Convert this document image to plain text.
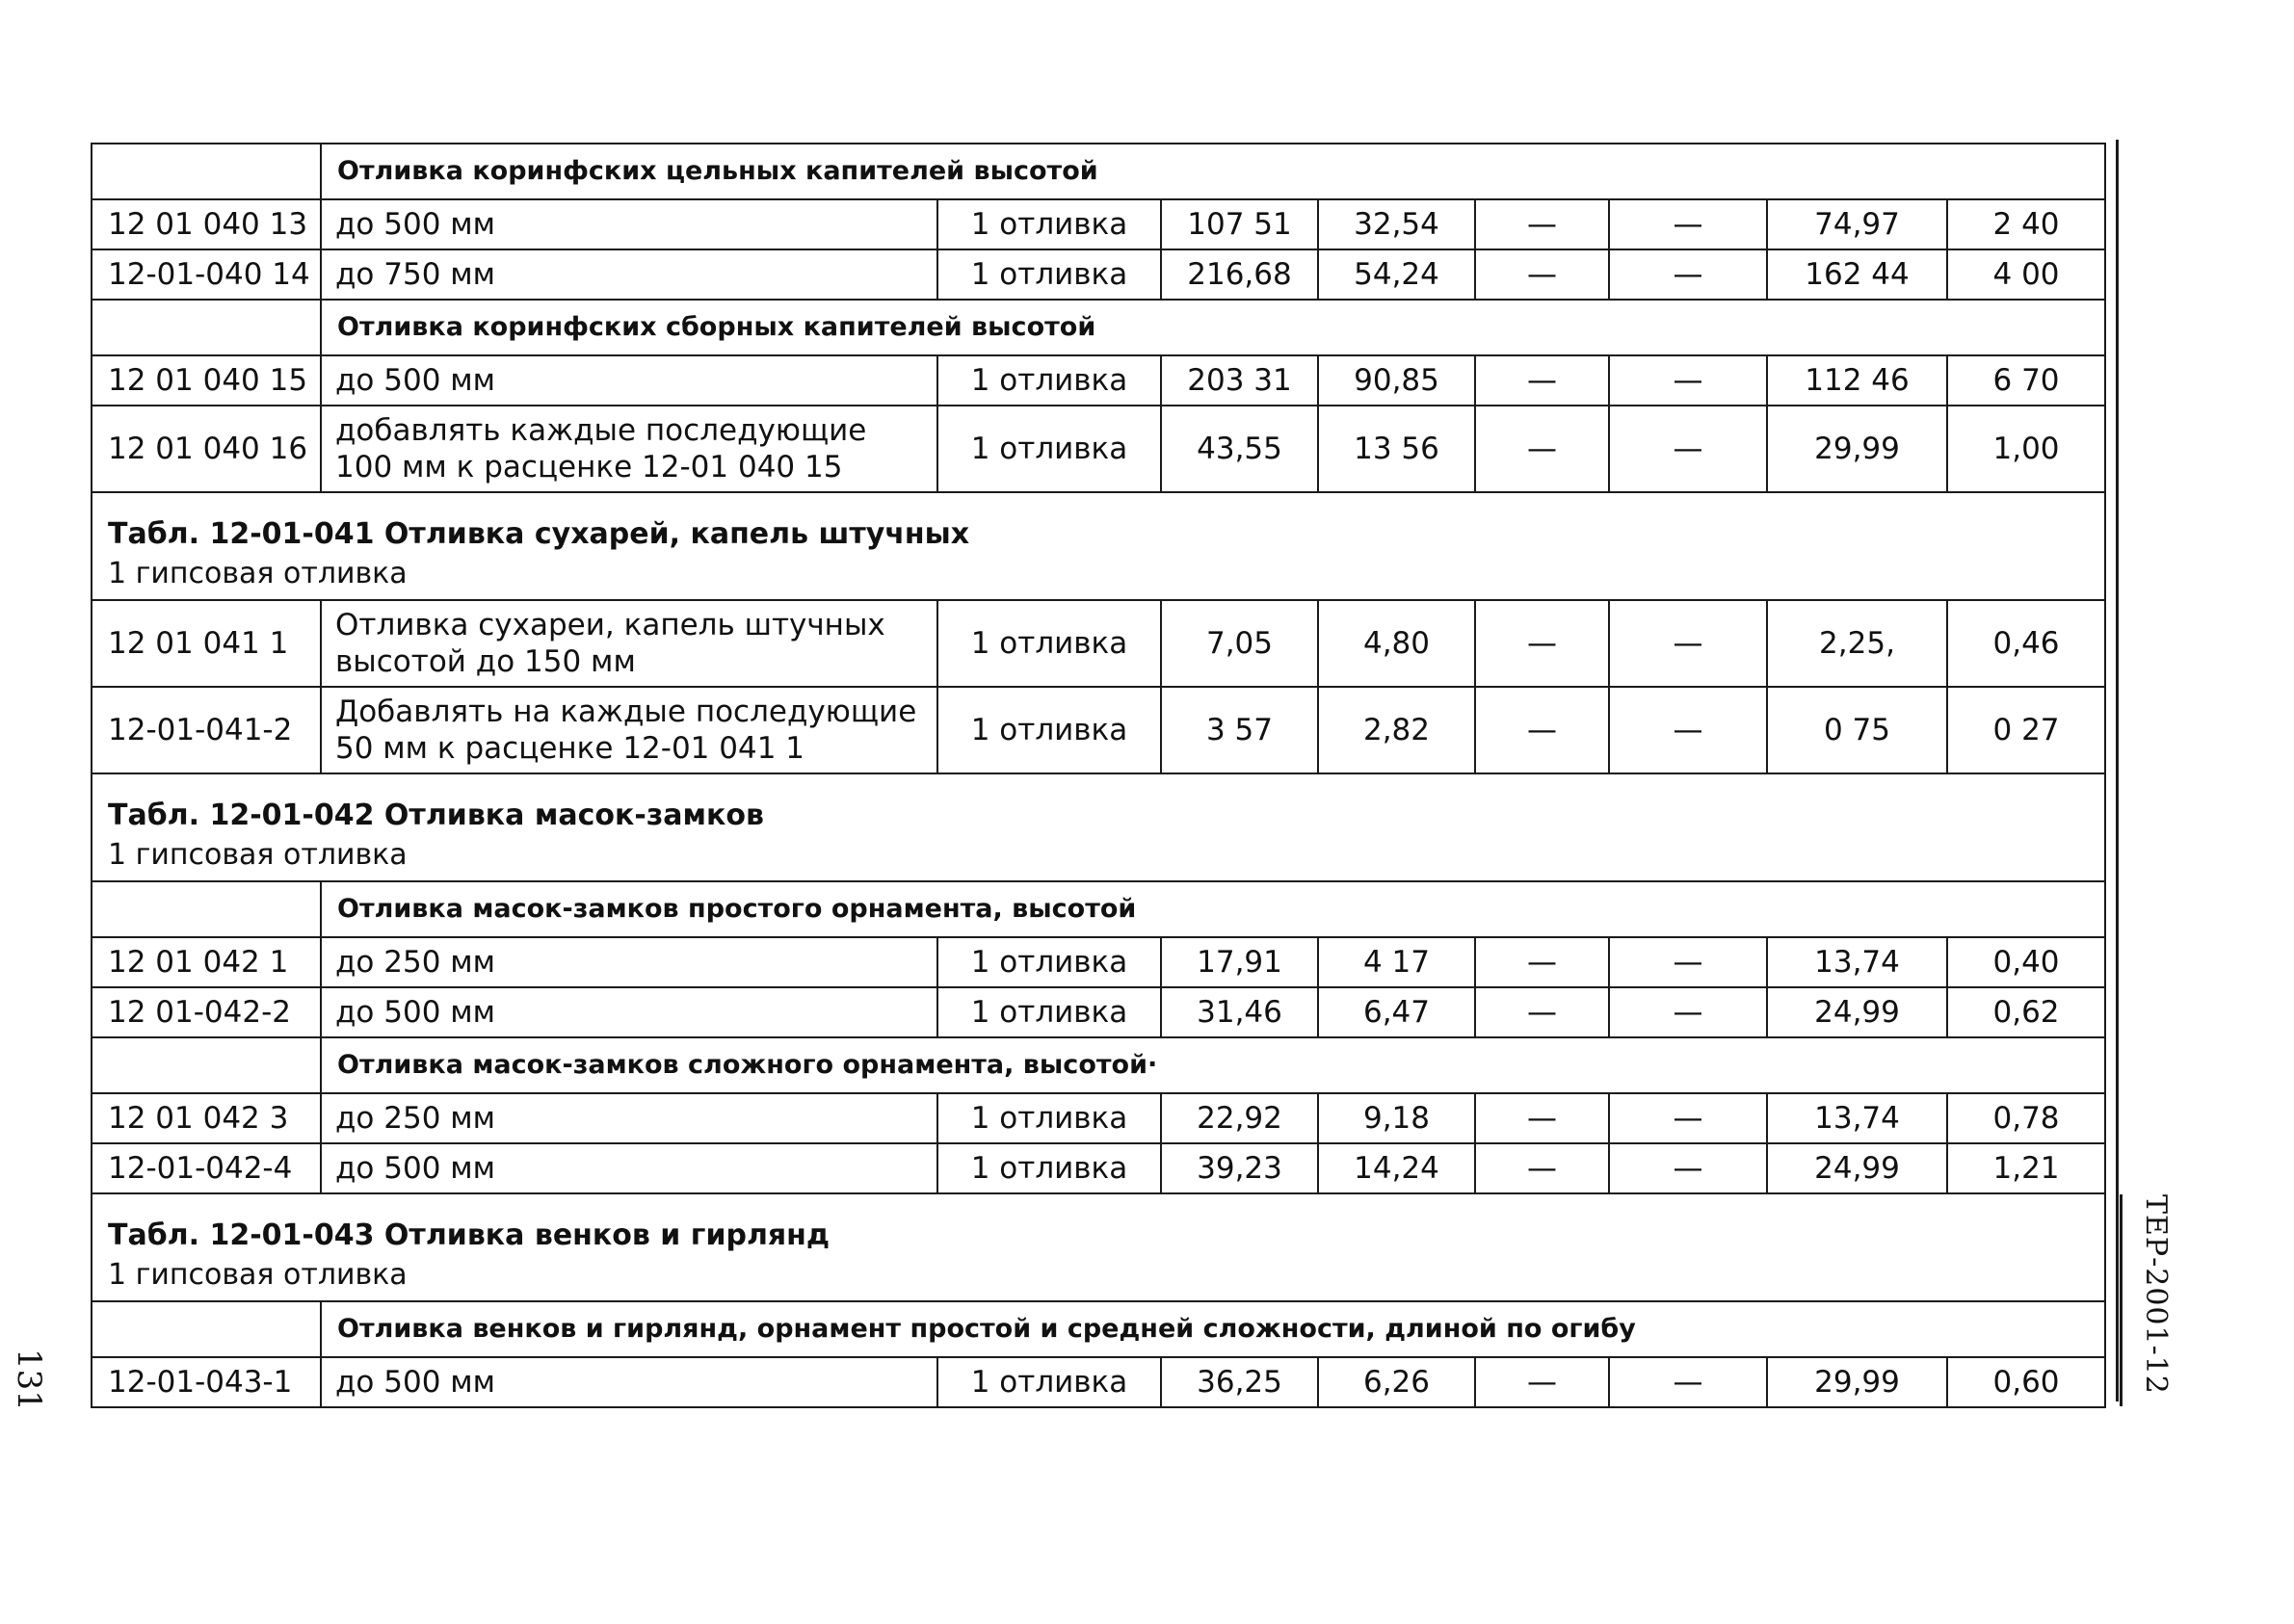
	Отливка коринфских цельных капителей высотой							
12 01 040 13	до 500 мм	1 отливка	107 51	32,54	—	—	74,97	2 40
12-01-040 14	до 750 мм	1 отливка	216,68	54,24	—	—	162 44	4 00
	Отливка коринфских сборных капителей высотой							
12 01 040 15	до 500 мм	1 отливка	203 31	90,85	—	—	112 46	6 70
12 01 040 16	добавлять каждые последующие 100 мм к расценке 12-01 040 15	1 отливка	43,55	13 56	—	—	29,99	1,00

Табл. 12-01-041 Отливка сухарей, капель штучных
1 гипсовая отливка								

12 01 041 1	Отливка сухареи, капель штучных высотой до 150 мм	1 отливка	7,05	4,80	—	—	2,25,	0,46
12-01-041-2	Добавлять на каждые последующие 50 мм к расценке 12-01 041 1	1 отливка	3 57	2,82	—	—	0 75	0 27

Табл. 12-01-042 Отливка масок-замков
1 гипсовая отливка								

	Отливка масок-замков простого орнамента, высотой							
12 01 042 1	до 250 мм	1 отливка	17,91	4 17	—	—	13,74	0,40
12 01-042-2	до 500 мм	1 отливка	31,46	6,47	—	—	24,99	0,62
	Отливка масок-замков сложного орнамента, высотой·							
12 01 042 3	до 250 мм	1 отливка	22,92	9,18	—	—	13,74	0,78
12-01-042-4	до 500 мм	1 отливка	39,23	14,24	—	—	24,99	1,21

Табл. 12-01-043 Отливка венков и гирлянд
1 гипсовая отливка								

	Отливка венков и гирлянд, орнамент простой и средней сложности, длиной по огибу							
12-01-043-1	до 500 мм	1 отливка	36,25	6,26	—	—	29,99	0,60	ТЕР-2001-12
131
